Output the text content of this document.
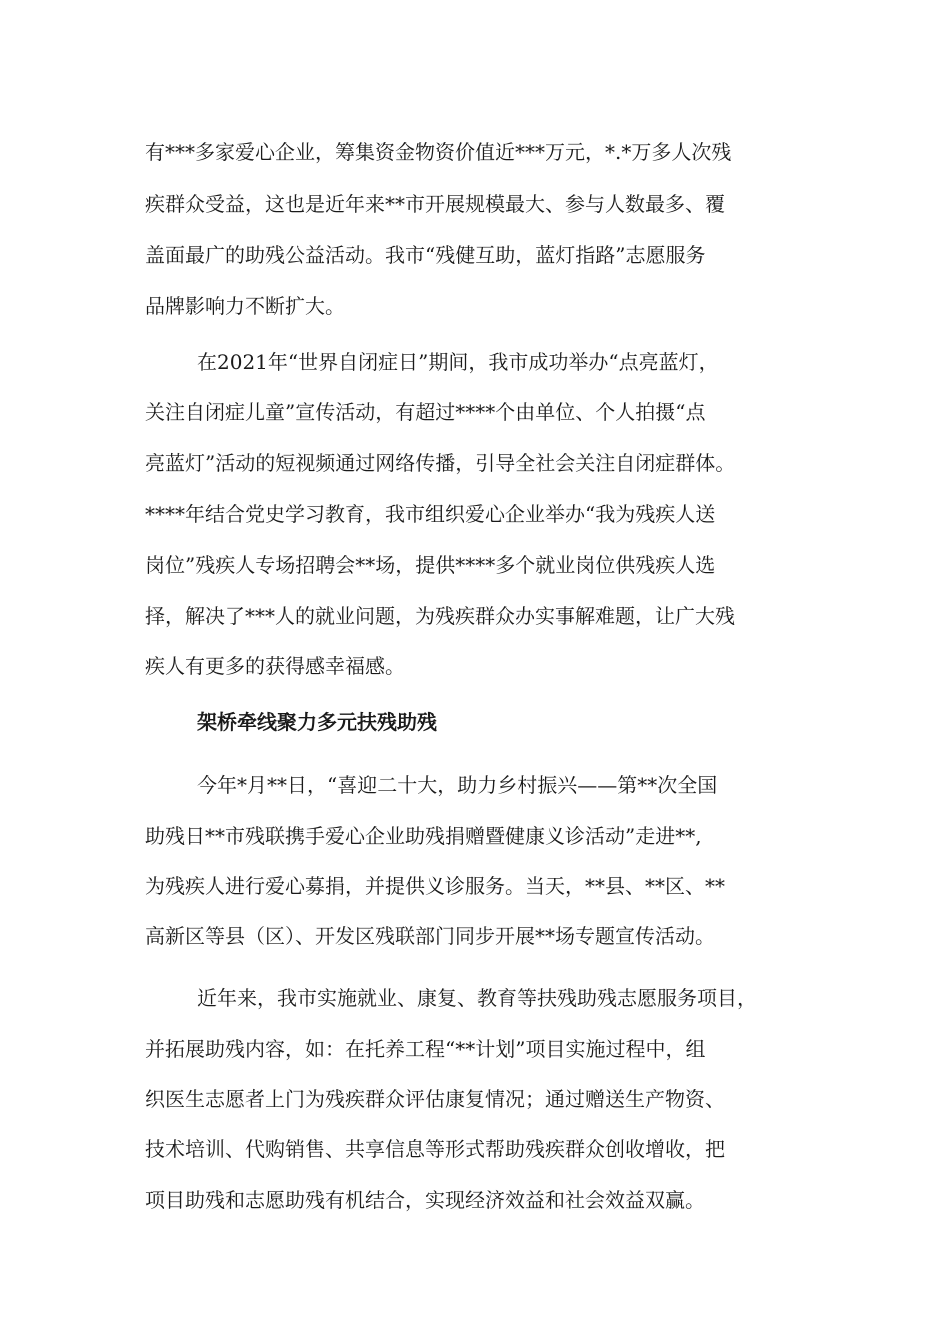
有***多家爱心企业，筹集资金物资价值近***万元，*.*万多人次残
疾群众受益，这也是近年来**市开展规模最大、参与人数最多、覆
盖面最广的助残公益活动。我市“残健互助，蓝灯指路”志愿服务
品牌影响力不断扩大。
在2021年“世界自闭症日”期间，我市成功举办“点亮蓝灯，
关注自闭症儿童”宣传活动，有超过****个由单位、个人拍摄“点
亮蓝灯”活动的短视频通过网络传播，引导全社会关注自闭症群体。
****年结合党史学习教育，我市组织爱心企业举办“我为残疾人送
岗位”残疾人专场招聘会**场，提供****多个就业岗位供残疾人选
择，解决了***人的就业问题，为残疾群众办实事解难题，让广大残
疾人有更多的获得感幸福感。
架桥牵线聚力多元扶残助残
今年*月**日，“喜迎二十大，助力乡村振兴——第**次全国
助残日**市残联携手爱心企业助残捐赠暨健康义诊活动”走进**,
为残疾人进行爱心募捐，并提供义诊服务。当天，**县、**区、**
高新区等县（区）、开发区残联部门同步开展**场专题宣传活动。
近年来，我市实施就业、康复、教育等扶残助残志愿服务项目，
并拓展助残内容，如：在托养工程“**计划”项目实施过程中，组
织医生志愿者上门为残疾群众评估康复情况；通过赠送生产物资、
技术培训、代购销售、共享信息等形式帮助残疾群众创收增收，把
项目助残和志愿助残有机结合，实现经济效益和社会效益双赢。
